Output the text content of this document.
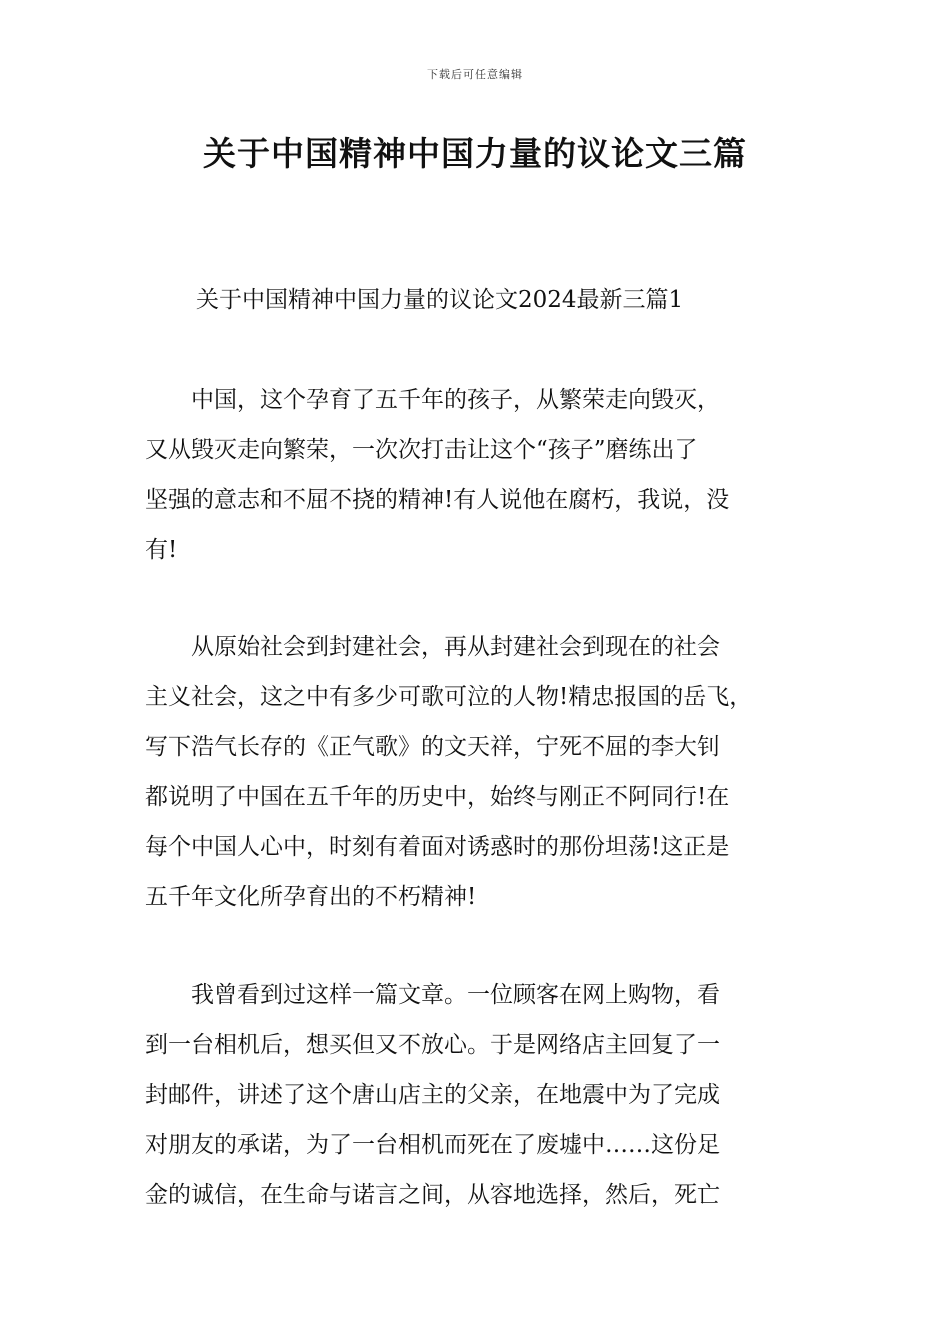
下载后可任意编辑
关于中国精神中国力量的议论文三篇

关于中国精神中国力量的议论文2024最新三篇1

　　中国，这个孕育了五千年的孩子，从繁荣走向毁灭，
又从毁灭走向繁荣，一次次打击让这个“孩子”磨练出了
坚强的意志和不屈不挠的精神!有人说他在腐朽，我说，没
有!
　　从原始社会到封建社会，再从封建社会到现在的社会
主义社会，这之中有多少可歌可泣的人物!精忠报国的岳飞，
写下浩气长存的《正气歌》的文天祥，宁死不屈的李大钊
都说明了中国在五千年的历史中，始终与刚正不阿同行!在
每个中国人心中，时刻有着面对诱惑时的那份坦荡!这正是
五千年文化所孕育出的不朽精神!
　　我曾看到过这样一篇文章。一位顾客在网上购物，看
到一台相机后，想买但又不放心。于是网络店主回复了一
封邮件，讲述了这个唐山店主的父亲，在地震中为了完成
对朋友的承诺，为了一台相机而死在了废墟中……这份足
金的诚信，在生命与诺言之间，从容地选择，然后，死亡
